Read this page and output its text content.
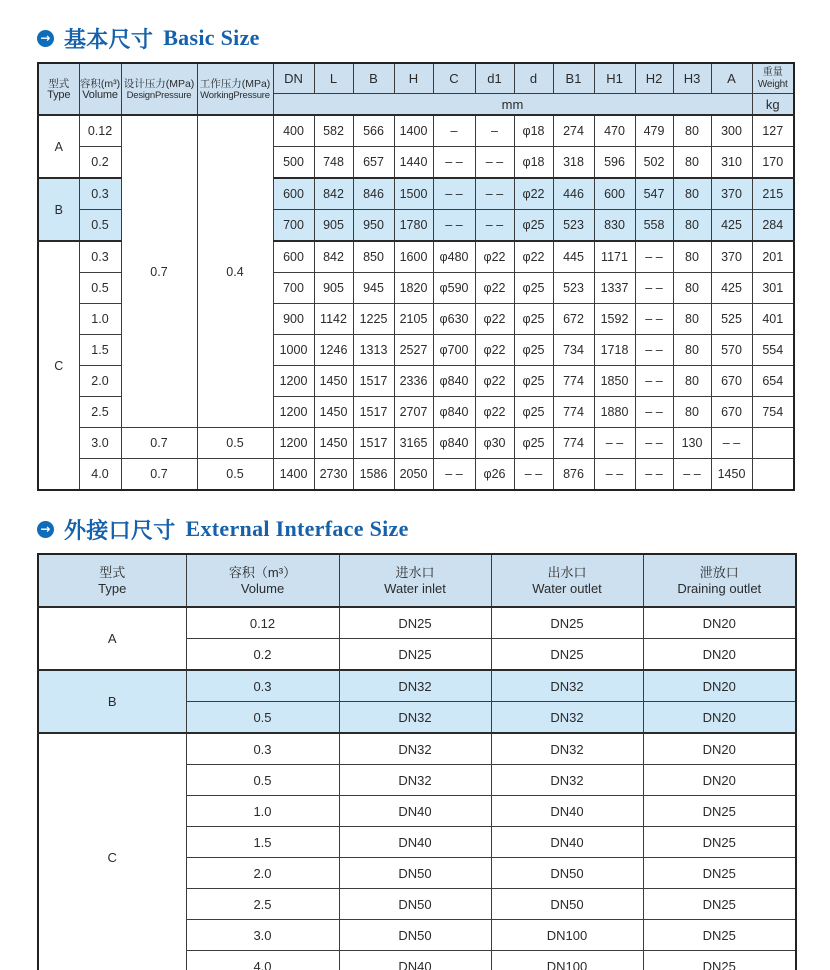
→ 基本尺寸 Basic Size
型式
Type	容积(m³)
Volume	设计压力(MPa)
DesignPressure	工作压力(MPa)
WorkingPressure	DN	L	B	H	C	d1	d	B1	H1	H2	H3	A	重量
Weight

				mm												kg
A	0.12	0.7	0.4	400	582	566	1400	–	–	φ18	274	470	479	80	300	127
	0.2			500	748	657	1440	– –	– –	φ18	318	596	502	80	310	170
B	0.3			600	842	846	1500	– –	– –	φ22	446	600	547	80	370	215
	0.5			700	905	950	1780	– –	– –	φ25	523	830	558	80	425	284
C	0.3			600	842	850	1600	φ480	φ22	φ22	445	1171	– –	80	370	201
	0.5			700	905	945	1820	φ590	φ22	φ25	523	1337	– –	80	425	301
	1.0			900	1142	1225	2105	φ630	φ22	φ25	672	1592	– –	80	525	401
	1.5			1000	1246	1313	2527	φ700	φ22	φ25	734	1718	– –	80	570	554
	2.0			1200	1450	1517	2336	φ840	φ22	φ25	774	1850	– –	80	670	654
	2.5			1200	1450	1517	2707	φ840	φ22	φ25	774	1880	– –	80	670	754
	3.0	0.7	0.5	1200	1450	1517	3165	φ840	φ30	φ25	774	– –	– –	130	– –	
	4.0	0.7	0.5	1400	2730	1586	2050	– –	φ26	– –	876	– –	– –	– –	1450	
→ 外接口尺寸 External Interface Size
型式
Type	容积（m³）
Volume	进水口
Water inlet	出水口
Water outlet	泄放口
Draining outlet

A	0.12	DN25	DN25	DN20
	0.2	DN25	DN25	DN20
B	0.3	DN32	DN32	DN20
	0.5	DN32	DN32	DN20
C	0.3	DN32	DN32	DN20
	0.5	DN32	DN32	DN20
	1.0	DN40	DN40	DN25
	1.5	DN40	DN40	DN25
	2.0	DN50	DN50	DN25
	2.5	DN50	DN50	DN25
	3.0	DN50	DN100	DN25
	4.0	DN40	DN100	DN25
